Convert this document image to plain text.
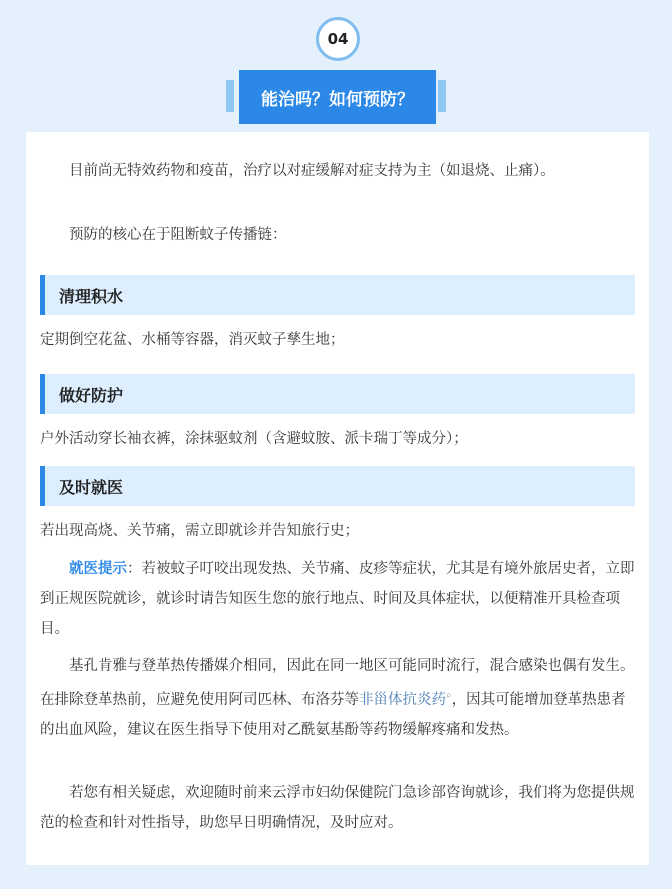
04
能治吗？如何预防？
目前尚无特效药物和疫苗，治疗以对症缓解对症支持为主（如退烧、止痛）。
预防的核心在于阻断蚊子传播链：
清理积水
定期倒空花盆、水桶等容器，消灭蚊子孳生地；
做好防护
户外活动穿长袖衣裤，涂抹驱蚊剂（含避蚊胺、派卡瑞丁等成分）；
及时就医
若出现高烧、关节痛，需立即就诊并告知旅行史；
就医提示：若被蚊子叮咬出现发热、关节痛、皮疹等症状，尤其是有境外旅居史者，立即到正规医院就诊，就诊时请告知医生您的旅行地点、时间及具体症状，以便精准开具检查项目。
基孔肯雅与登革热传播媒介相同，因此在同一地区可能同时流行，混合感染也偶有发生。在排除登革热前，应避免使用阿司匹林、布洛芬等非甾体抗炎药⌕，因其可能增加登革热患者的出血风险，建议在医生指导下使用对乙酰氨基酚等药物缓解疼痛和发热。
若您有相关疑虑，欢迎随时前来云浮市妇幼保健院门急诊部咨询就诊，我们将为您提供规范的检查和针对性指导，助您早日明确情况，及时应对。
